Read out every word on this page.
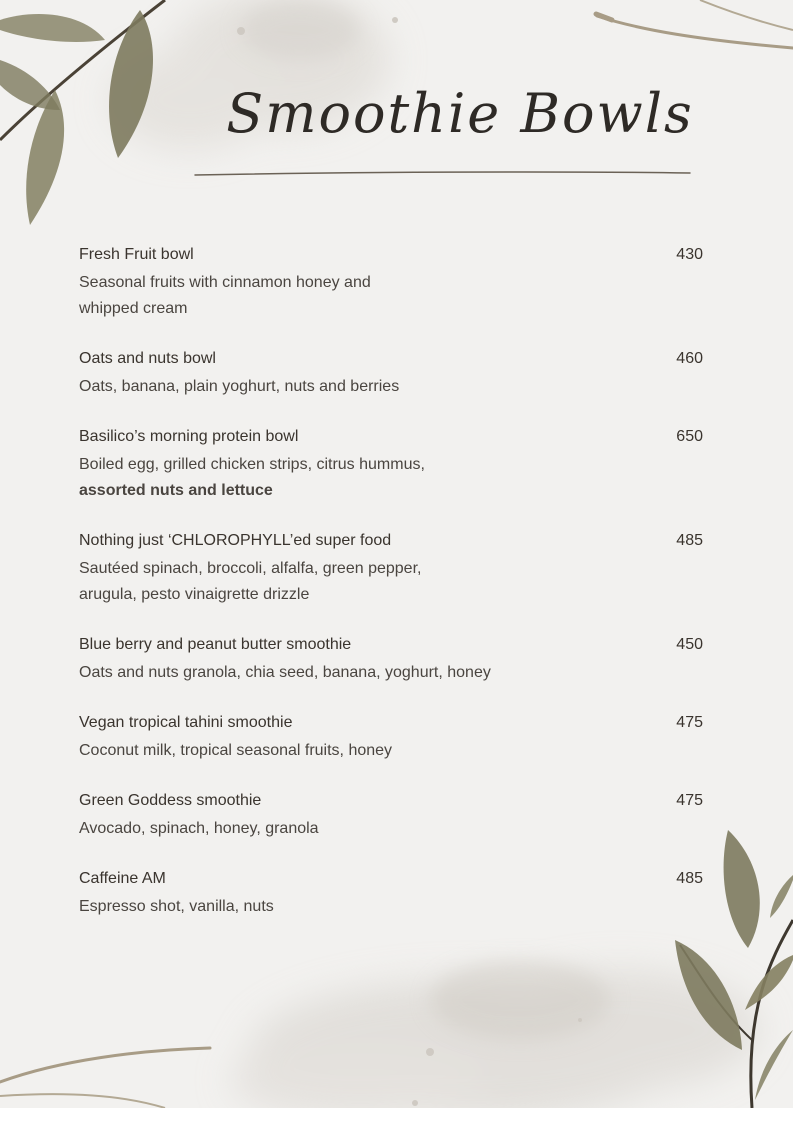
Smoothie Bowls
Fresh Fruit bowl	430
Seasonal fruits with cinnamon honey and
whipped cream
Oats and nuts bowl	460
Oats, banana, plain yoghurt, nuts and berries
Basilico’s morning protein bowl	650
Boiled egg, grilled chicken strips, citrus hummus,
assorted nuts and lettuce
Nothing just ‘CHLOROPHYLL’ed super food	485
Sautéed spinach, broccoli, alfalfa, green pepper,
arugula, pesto vinaigrette drizzle
Blue berry and peanut butter smoothie	450
Oats and nuts granola, chia seed, banana, yoghurt, honey
Vegan tropical tahini smoothie	475
Coconut milk, tropical seasonal fruits, honey
Green Goddess smoothie	475
Avocado, spinach, honey, granola
Caffeine AM	485
Espresso shot, vanilla, nuts
